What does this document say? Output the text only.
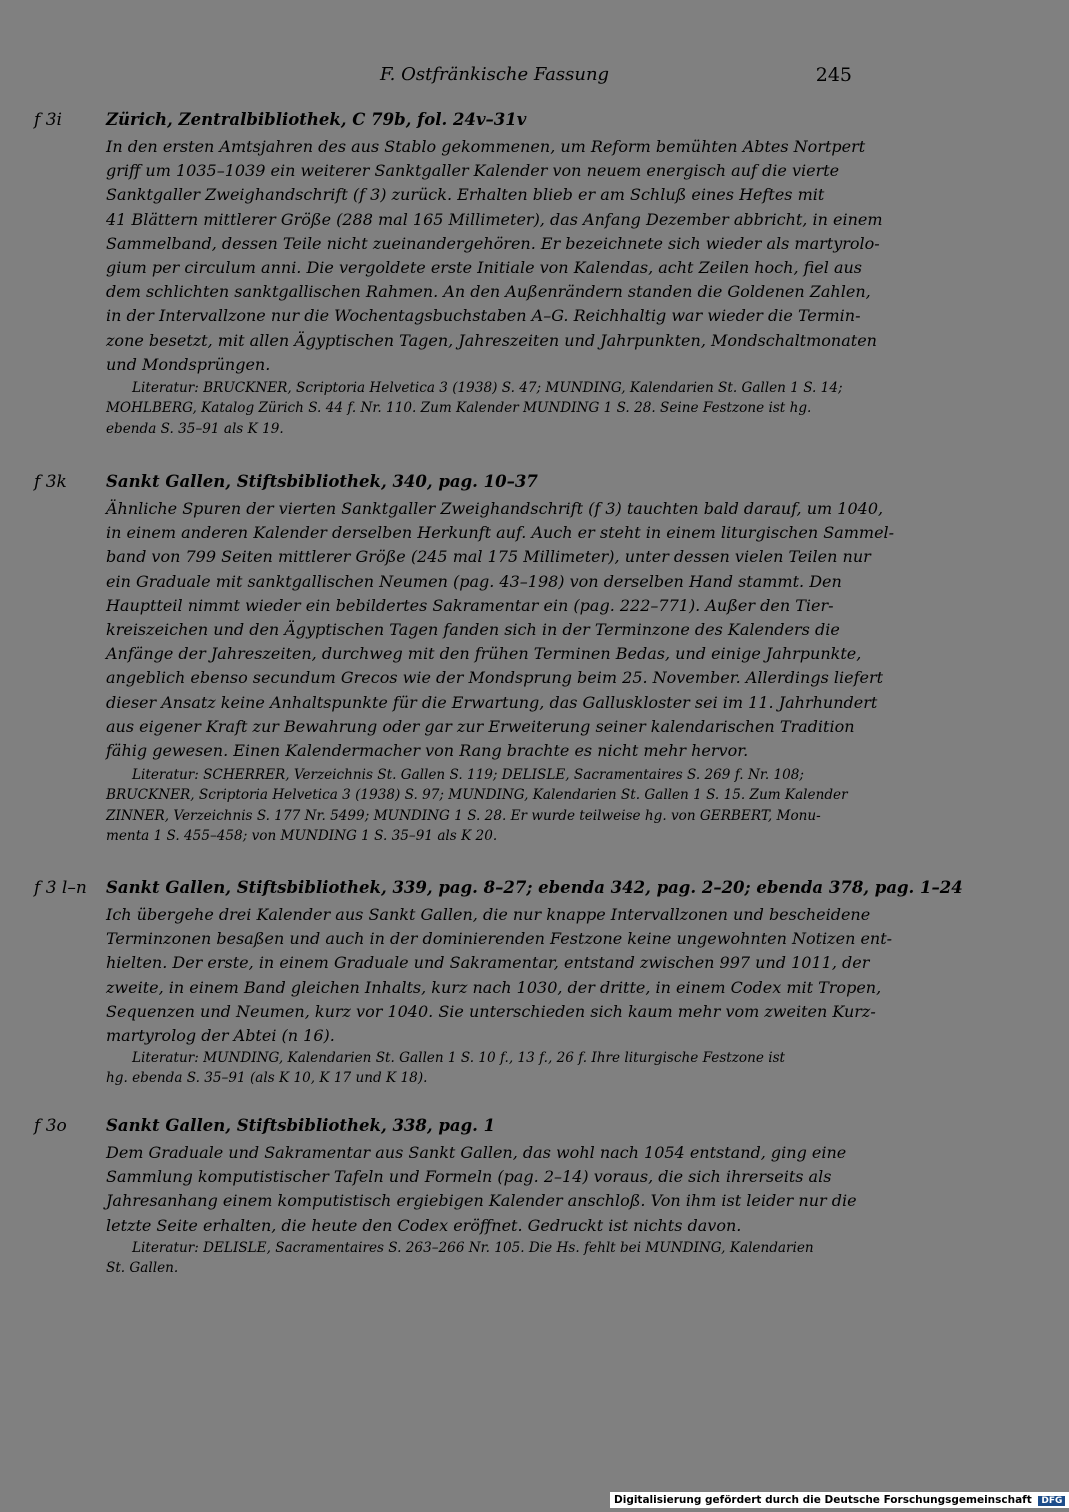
F. Ostfränkische Fassung	245
f 3i	Zürich, Zentralbibliothek, C 79b, fol. 24v–31v
In den ersten Amtsjahren des aus Stablo gekommenen, um Reform bemühten Abtes Nortpert
griff um 1035–1039 ein weiterer Sanktgaller Kalender von neuem energisch auf die vierte
Sanktgaller Zweighandschrift (f 3) zurück. Erhalten blieb er am Schluß eines Heftes mit
41 Blättern mittlerer Größe (288 mal 165 Millimeter), das Anfang Dezember abbricht, in einem
Sammelband, dessen Teile nicht zueinandergehören. Er bezeichnete sich wieder als martyrolo-
gium per circulum anni. Die vergoldete erste Initiale von Kalendas, acht Zeilen hoch, fiel aus
dem schlichten sanktgallischen Rahmen. An den Außenrändern standen die Goldenen Zahlen,
in der Intervallzone nur die Wochentagsbuchstaben A–G. Reichhaltig war wieder die Termin-
zone besetzt, mit allen Ägyptischen Tagen, Jahreszeiten und Jahrpunkten, Mondschaltmonaten
und Mondsprüngen.
Literatur: BRUCKNER, Scriptoria Helvetica 3 (1938) S. 47; MUNDING, Kalendarien St. Gallen 1 S. 14;
MOHLBERG, Katalog Zürich S. 44 f. Nr. 110. Zum Kalender MUNDING 1 S. 28. Seine Festzone ist hg.
ebenda S. 35–91 als K 19.
f 3k Sankt Gallen, Stiftsbibliothek, 340, pag. 10–37
Ähnliche Spuren der vierten Sanktgaller Zweighandschrift (f 3) tauchten bald darauf, um 1040,
in einem anderen Kalender derselben Herkunft auf. Auch er steht in einem liturgischen Sammel-
band von 799 Seiten mittlerer Größe (245 mal 175 Millimeter), unter dessen vielen Teilen nur
ein Graduale mit sanktgallischen Neumen (pag. 43–198) von derselben Hand stammt. Den
Hauptteil nimmt wieder ein bebildertes Sakramentar ein (pag. 222–771). Außer den Tier-
kreiszeichen und den Ägyptischen Tagen fanden sich in der Terminzone des Kalenders die
Anfänge der Jahreszeiten, durchweg mit den frühen Terminen Bedas, und einige Jahrpunkte,
angeblich ebenso secundum Grecos wie der Mondsprung beim 25. November. Allerdings liefert
dieser Ansatz keine Anhaltspunkte für die Erwartung, das Galluskloster sei im 11. Jahrhundert
aus eigener Kraft zur Bewahrung oder gar zur Erweiterung seiner kalendarischen Tradition
fähig gewesen. Einen Kalendermacher von Rang brachte es nicht mehr hervor.
Literatur: SCHERRER, Verzeichnis St. Gallen S. 119; DELISLE, Sacramentaires S. 269 f. Nr. 108;
BRUCKNER, Scriptoria Helvetica 3 (1938) S. 97; MUNDING, Kalendarien St. Gallen 1 S. 15. Zum Kalender
ZINNER, Verzeichnis S. 177 Nr. 5499; MUNDING 1 S. 28. Er wurde teilweise hg. von GERBERT, Monu-
menta 1 S. 455–458; von MUNDING 1 S. 35–91 als K 20.
f 3 l–n Sankt Gallen, Stiftsbibliothek, 339, pag. 8–27; ebenda 342, pag. 2–20; ebenda 378, pag. 1–24
Ich übergehe drei Kalender aus Sankt Gallen, die nur knappe Intervallzonen und bescheidene
Terminzonen besaßen und auch in der dominierenden Festzone keine ungewohnten Notizen ent-
hielten. Der erste, in einem Graduale und Sakramentar, entstand zwischen 997 und 1011, der
zweite, in einem Band gleichen Inhalts, kurz nach 1030, der dritte, in einem Codex mit Tropen,
Sequenzen und Neumen, kurz vor 1040. Sie unterschieden sich kaum mehr vom zweiten Kurz-
martyrolog der Abtei (n 16).
Literatur: MUNDING, Kalendarien St. Gallen 1 S. 10 f., 13 f., 26 f. Ihre liturgische Festzone ist
hg. ebenda S. 35–91 (als K 10, K 17 und K 18).
f 3o Sankt Gallen, Stiftsbibliothek, 338, pag. 1
Dem Graduale und Sakramentar aus Sankt Gallen, das wohl nach 1054 entstand, ging eine
Sammlung komputistischer Tafeln und Formeln (pag. 2–14) voraus, die sich ihrerseits als
Jahresanhang einem komputistisch ergiebigen Kalender anschloß. Von ihm ist leider nur die
letzte Seite erhalten, die heute den Codex eröffnet. Gedruckt ist nichts davon.
Literatur: DELISLE, Sacramentaires S. 263–266 Nr. 105. Die Hs. fehlt bei MUNDING, Kalendarien
St. Gallen.
Digitalisierung gefördert durch die Deutsche Forschungsgemeinschaft DFG
